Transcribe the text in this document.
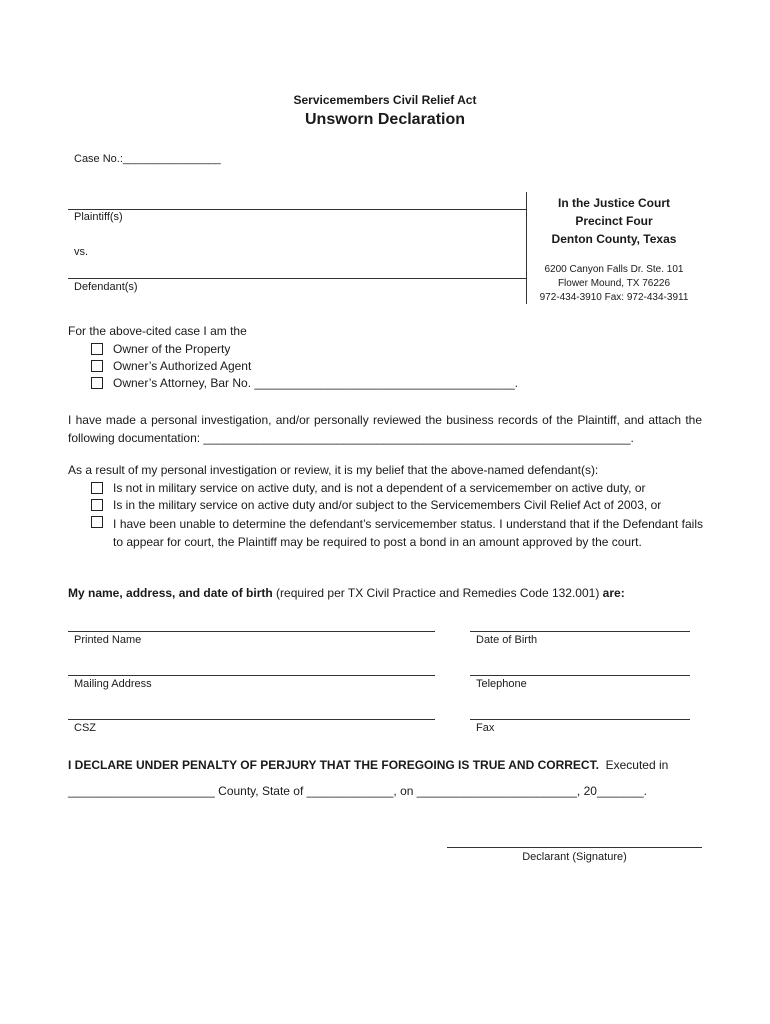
Servicemembers Civil Relief Act
Unsworn Declaration
Case No.:________________
Plaintiff(s)
vs.
Defendant(s)
In the Justice Court
Precinct Four
Denton County, Texas
6200 Canyon Falls Dr. Ste. 101
Flower Mound, TX 76226
972-434-3910 Fax: 972-434-3911
For the above-cited case I am the
Owner of the Property
Owner’s Authorized Agent
Owner’s Attorney, Bar No. _______________________________________.
I have made a personal investigation, and/or personally reviewed the business records of the Plaintiff, and attach the following documentation: ________________________________________________________________.
As a result of my personal investigation or review, it is my belief that the above-named defendant(s):
Is not in military service on active duty, and is not a dependent of a servicemember on active duty, or
Is in the military service on active duty and/or subject to the Servicemembers Civil Relief Act of 2003, or
I have been unable to determine the defendant’s servicemember status. I understand that if the Defendant fails to appear for court, the Plaintiff may be required to post a bond in an amount approved by the court.
My name, address, and date of birth (required per TX Civil Practice and Remedies Code 132.001) are:
Printed Name	Date of Birth
Mailing Address	Telephone
CSZ	Fax
I DECLARE UNDER PENALTY OF PERJURY THAT THE FOREGOING IS TRUE AND CORRECT.  Executed in
______________________ County, State of _____________, on ________________________, 20_______.
Declarant (Signature)
